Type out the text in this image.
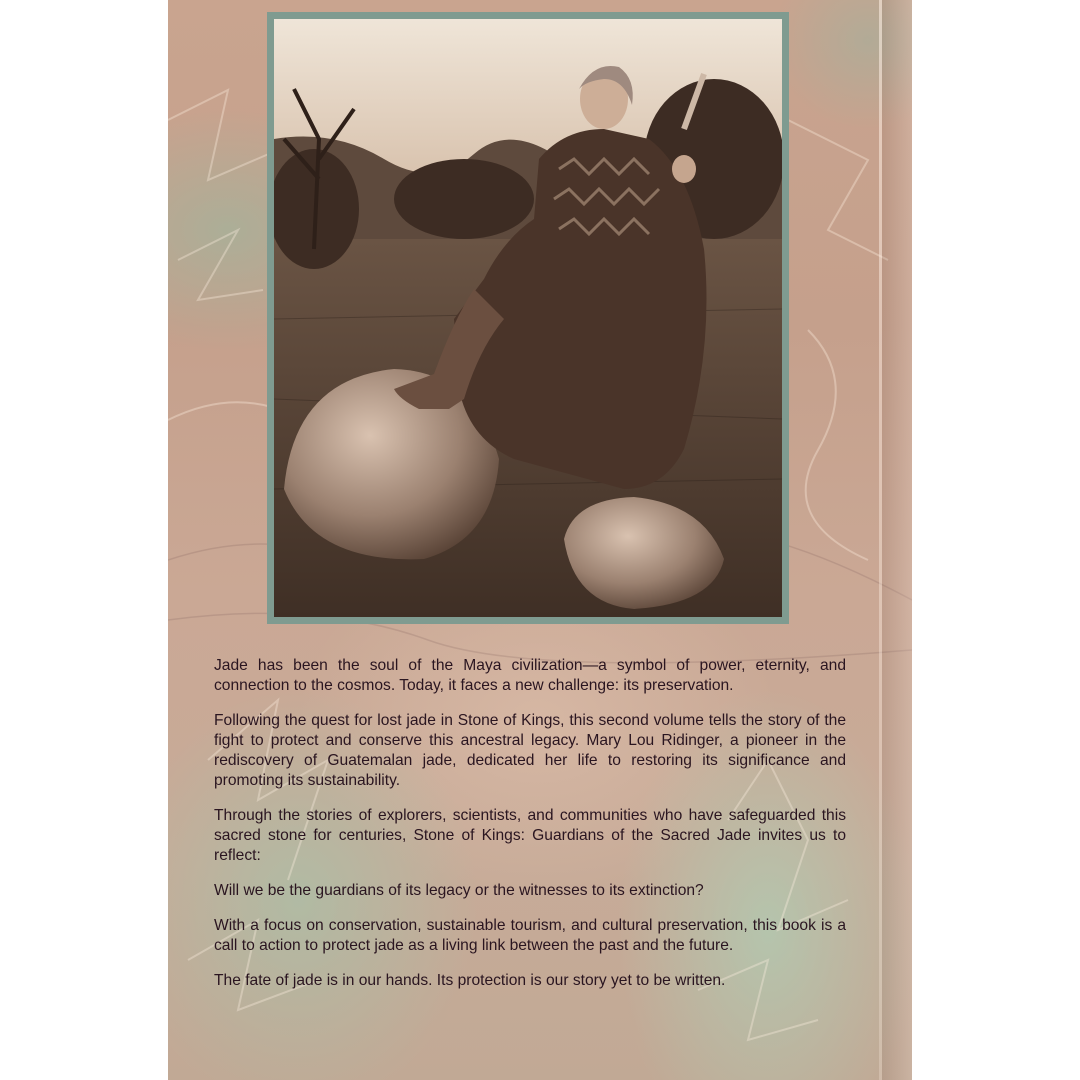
Jade has been the soul of the Maya civilization—a symbol of power, eternity, and connection to the cosmos. Today, it faces a new challenge: its preservation.

Following the quest for lost jade in Stone of Kings, this second volume tells the story of the fight to protect and conserve this ancestral legacy. Mary Lou Ridinger, a pioneer in the rediscovery of Guatemalan jade, dedicated her life to restoring its significance and promoting its sustainability.

Through the stories of explorers, scientists, and communities who have safeguarded this sacred stone for centuries, Stone of Kings: Guardians of the Sacred Jade invites us to reflect:

Will we be the guardians of its legacy or the witnesses to its extinction?

With a focus on conservation, sustainable tourism, and cultural preservation, this book is a call to action to protect jade as a living link between the past and the future.

The fate of jade is in our hands. Its protection is our story yet to be written.
